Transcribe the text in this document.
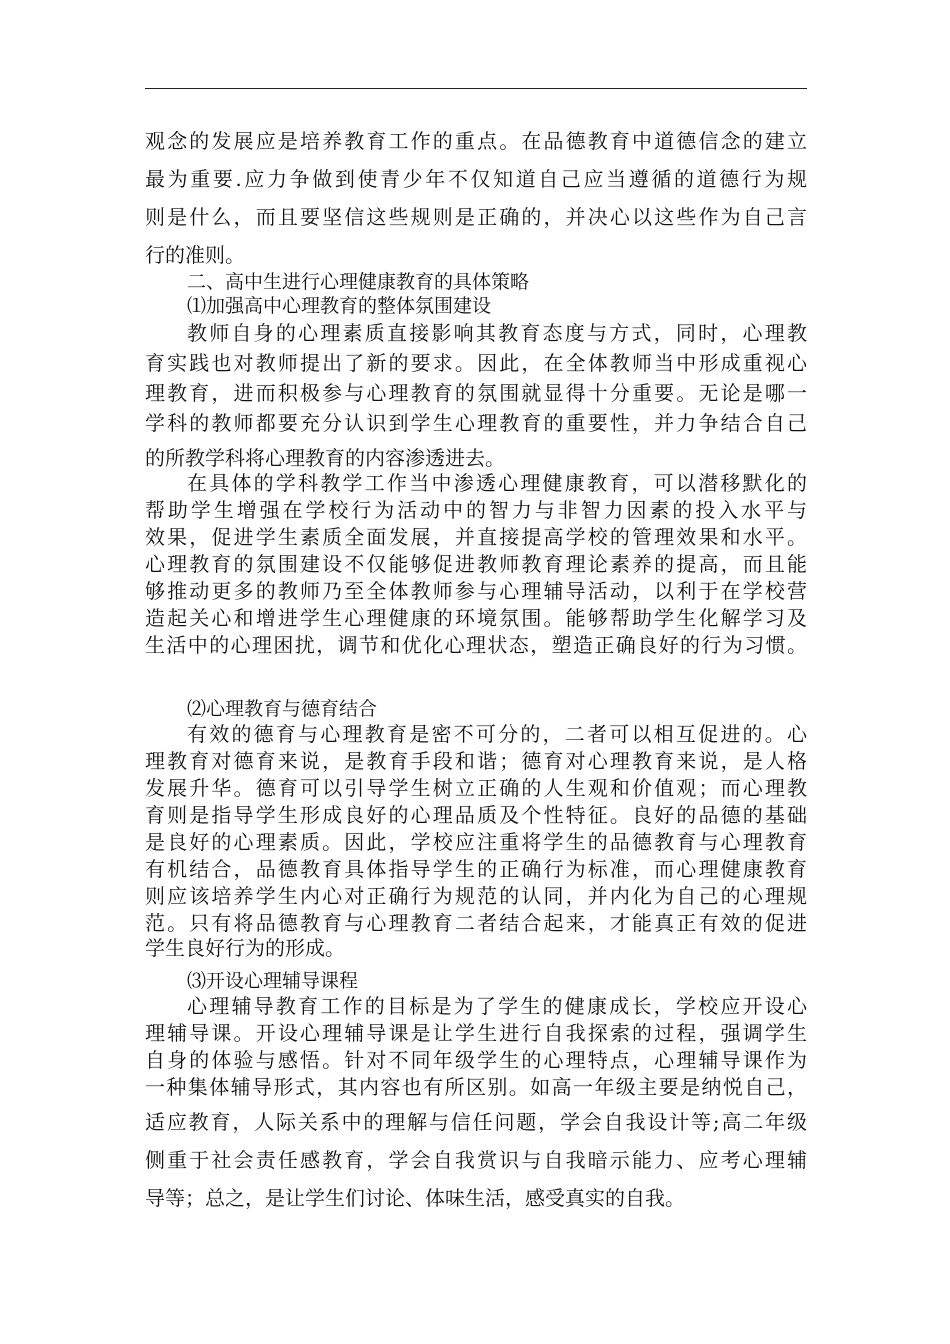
观念的发展应是培养教育工作的重点。在品德教育中道德信念的建立
最为重要.应力争做到使青少年不仅知道自己应当遵循的道德行为规
则是什么，而且要坚信这些规则是正确的，并决心以这些作为自己言
行的准则。
二、高中生进行心理健康教育的具体策略
⑴加强高中心理教育的整体氛围建设
教师自身的心理素质直接影响其教育态度与方式，同时，心理教
育实践也对教师提出了新的要求。因此，在全体教师当中形成重视心
理教育，进而积极参与心理教育的氛围就显得十分重要。无论是哪一
学科的教师都要充分认识到学生心理教育的重要性，并力争结合自己
的所教学科将心理教育的内容渗透进去。
在具体的学科教学工作当中渗透心理健康教育，可以潜移默化的
帮助学生增强在学校行为活动中的智力与非智力因素的投入水平与
效果，促进学生素质全面发展，并直接提高学校的管理效果和水平。
心理教育的氛围建设不仅能够促进教师教育理论素养的提高，而且能
够推动更多的教师乃至全体教师参与心理辅导活动，以利于在学校营
造起关心和增进学生心理健康的环境氛围。能够帮助学生化解学习及
生活中的心理困扰，调节和优化心理状态，塑造正确良好的行为习惯。
⑵心理教育与德育结合
有效的德育与心理教育是密不可分的，二者可以相互促进的。心
理教育对德育来说，是教育手段和谐；德育对心理教育来说，是人格
发展升华。德育可以引导学生树立正确的人生观和价值观；而心理教
育则是指导学生形成良好的心理品质及个性特征。良好的品德的基础
是良好的心理素质。因此，学校应注重将学生的品德教育与心理教育
有机结合，品德教育具体指导学生的正确行为标准，而心理健康教育
则应该培养学生内心对正确行为规范的认同，并内化为自己的心理规
范。只有将品德教育与心理教育二者结合起来，才能真正有效的促进
学生良好行为的形成。
⑶开设心理辅导课程
心理辅导教育工作的目标是为了学生的健康成长，学校应开设心
理辅导课。开设心理辅导课是让学生进行自我探索的过程，强调学生
自身的体验与感悟。针对不同年级学生的心理特点，心理辅导课作为
一种集体辅导形式，其内容也有所区别。如高一年级主要是纳悦自己，
适应教育，人际关系中的理解与信任问题，学会自我设计等;高二年级
侧重于社会责任感教育，学会自我赏识与自我暗示能力、应考心理辅
导等；总之，是让学生们讨论、体味生活，感受真实的自我。
